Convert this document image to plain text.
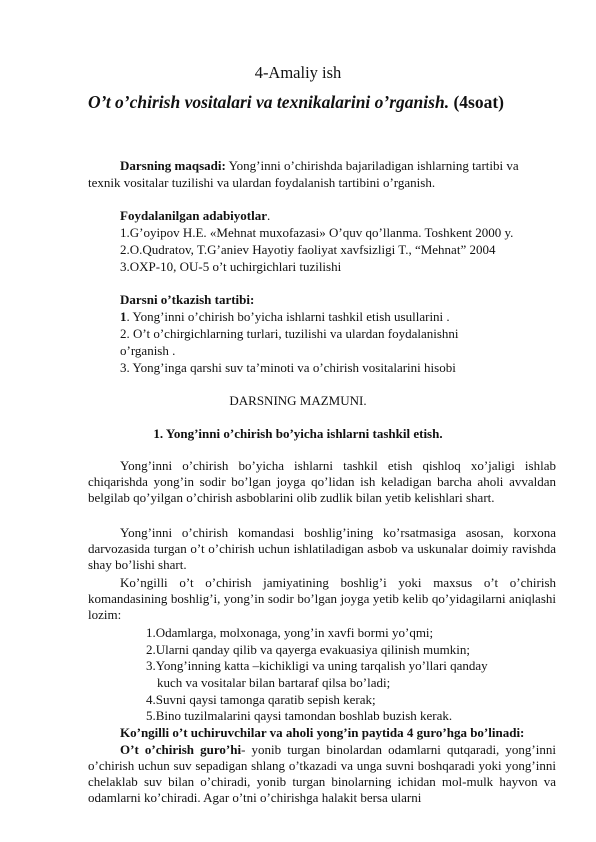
4-Amaliy ish
O’t o’chirish vositalari va texnikalarini o’rganish. (4soat)
Darsning maqsadi: Yong’inni o’chirishda bajariladigan ishlarning tartibi va
texnik vositalar tuzilishi va ulardan foydalanish tartibini o’rganish.
Foydalanilgan adabiyotlar.
1.G’oyipov H.E. «Mehnat muxofazasi» O’quv qo’llanma. Toshkent 2000 y.
2.O.Qudratov, T.G’aniev Hayotiy faoliyat xavfsizligi T., “Mehnat” 2004
3.OXP-10, OU-5 o’t uchirgichlari tuzilishi
Darsni o’tkazish tartibi:
1. Yong’inni o’chirish bo’yicha ishlarni tashkil etish usullarini .
2. O’t o’chirgichlarning turlari, tuzilishi va ulardan foydalanishni
o’rganish .
3. Yong’inga qarshi suv ta’minoti va o’chirish vositalarini hisobi
DARSNING MAZMUNI.
1. Yong’inni o’chirish bo’yicha ishlarni tashkil etish.
Yong’inni o’chirish bo’yicha ishlarni tashkil etish qishloq xo’jaligi ishlab chiqarishda yong’in sodir bo’lgan joyga qo’lidan ish keladigan barcha aholi avvaldan belgilab qo’yilgan o’chirish asboblarini olib zudlik bilan yetib kelishlari shart.
Yong’inni o’chirish komandasi boshlig’ining ko’rsatmasiga asosan, korxona darvozasida turgan o’t o’chirish uchun ishlatiladigan asbob va uskunalar doimiy ravishda shay bo’lishi shart.
Ko’ngilli o’t o’chirish jamiyatining boshlig’i yoki maxsus o’t o’chirish komandasining boshlig’i, yong’in sodir bo’lgan joyga yetib kelib qo’yidagilarni aniqlashi lozim:
1.Odamlarga, molxonaga, yong’in xavfi bormi yo’qmi;
2.Ularni qanday qilib va qayerga evakuasiya qilinish mumkin;
3.Yong’inning katta –kichikligi va uning tarqalish yo’llari qanday
kuch va vositalar bilan bartaraf qilsa bo’ladi;
4.Suvni qaysi tamonga qaratib sepish kerak;
5.Bino tuzilmalarini qaysi tamondan boshlab buzish kerak.
Ko’ngilli o’t uchiruvchilar va aholi yong’in paytida 4 guro’hga bo’linadi:
O’t o’chirish guro’hi- yonib turgan binolardan odamlarni qutqaradi, yong’inni o’chirish uchun suv sepadigan shlang o’tkazadi va unga suvni boshqaradi yoki yong’inni chelaklab suv bilan o’chiradi, yonib turgan binolarning ichidan mol-mulk hayvon va odamlarni ko’chiradi. Agar o’tni o’chirishga halakit bersa ularni
